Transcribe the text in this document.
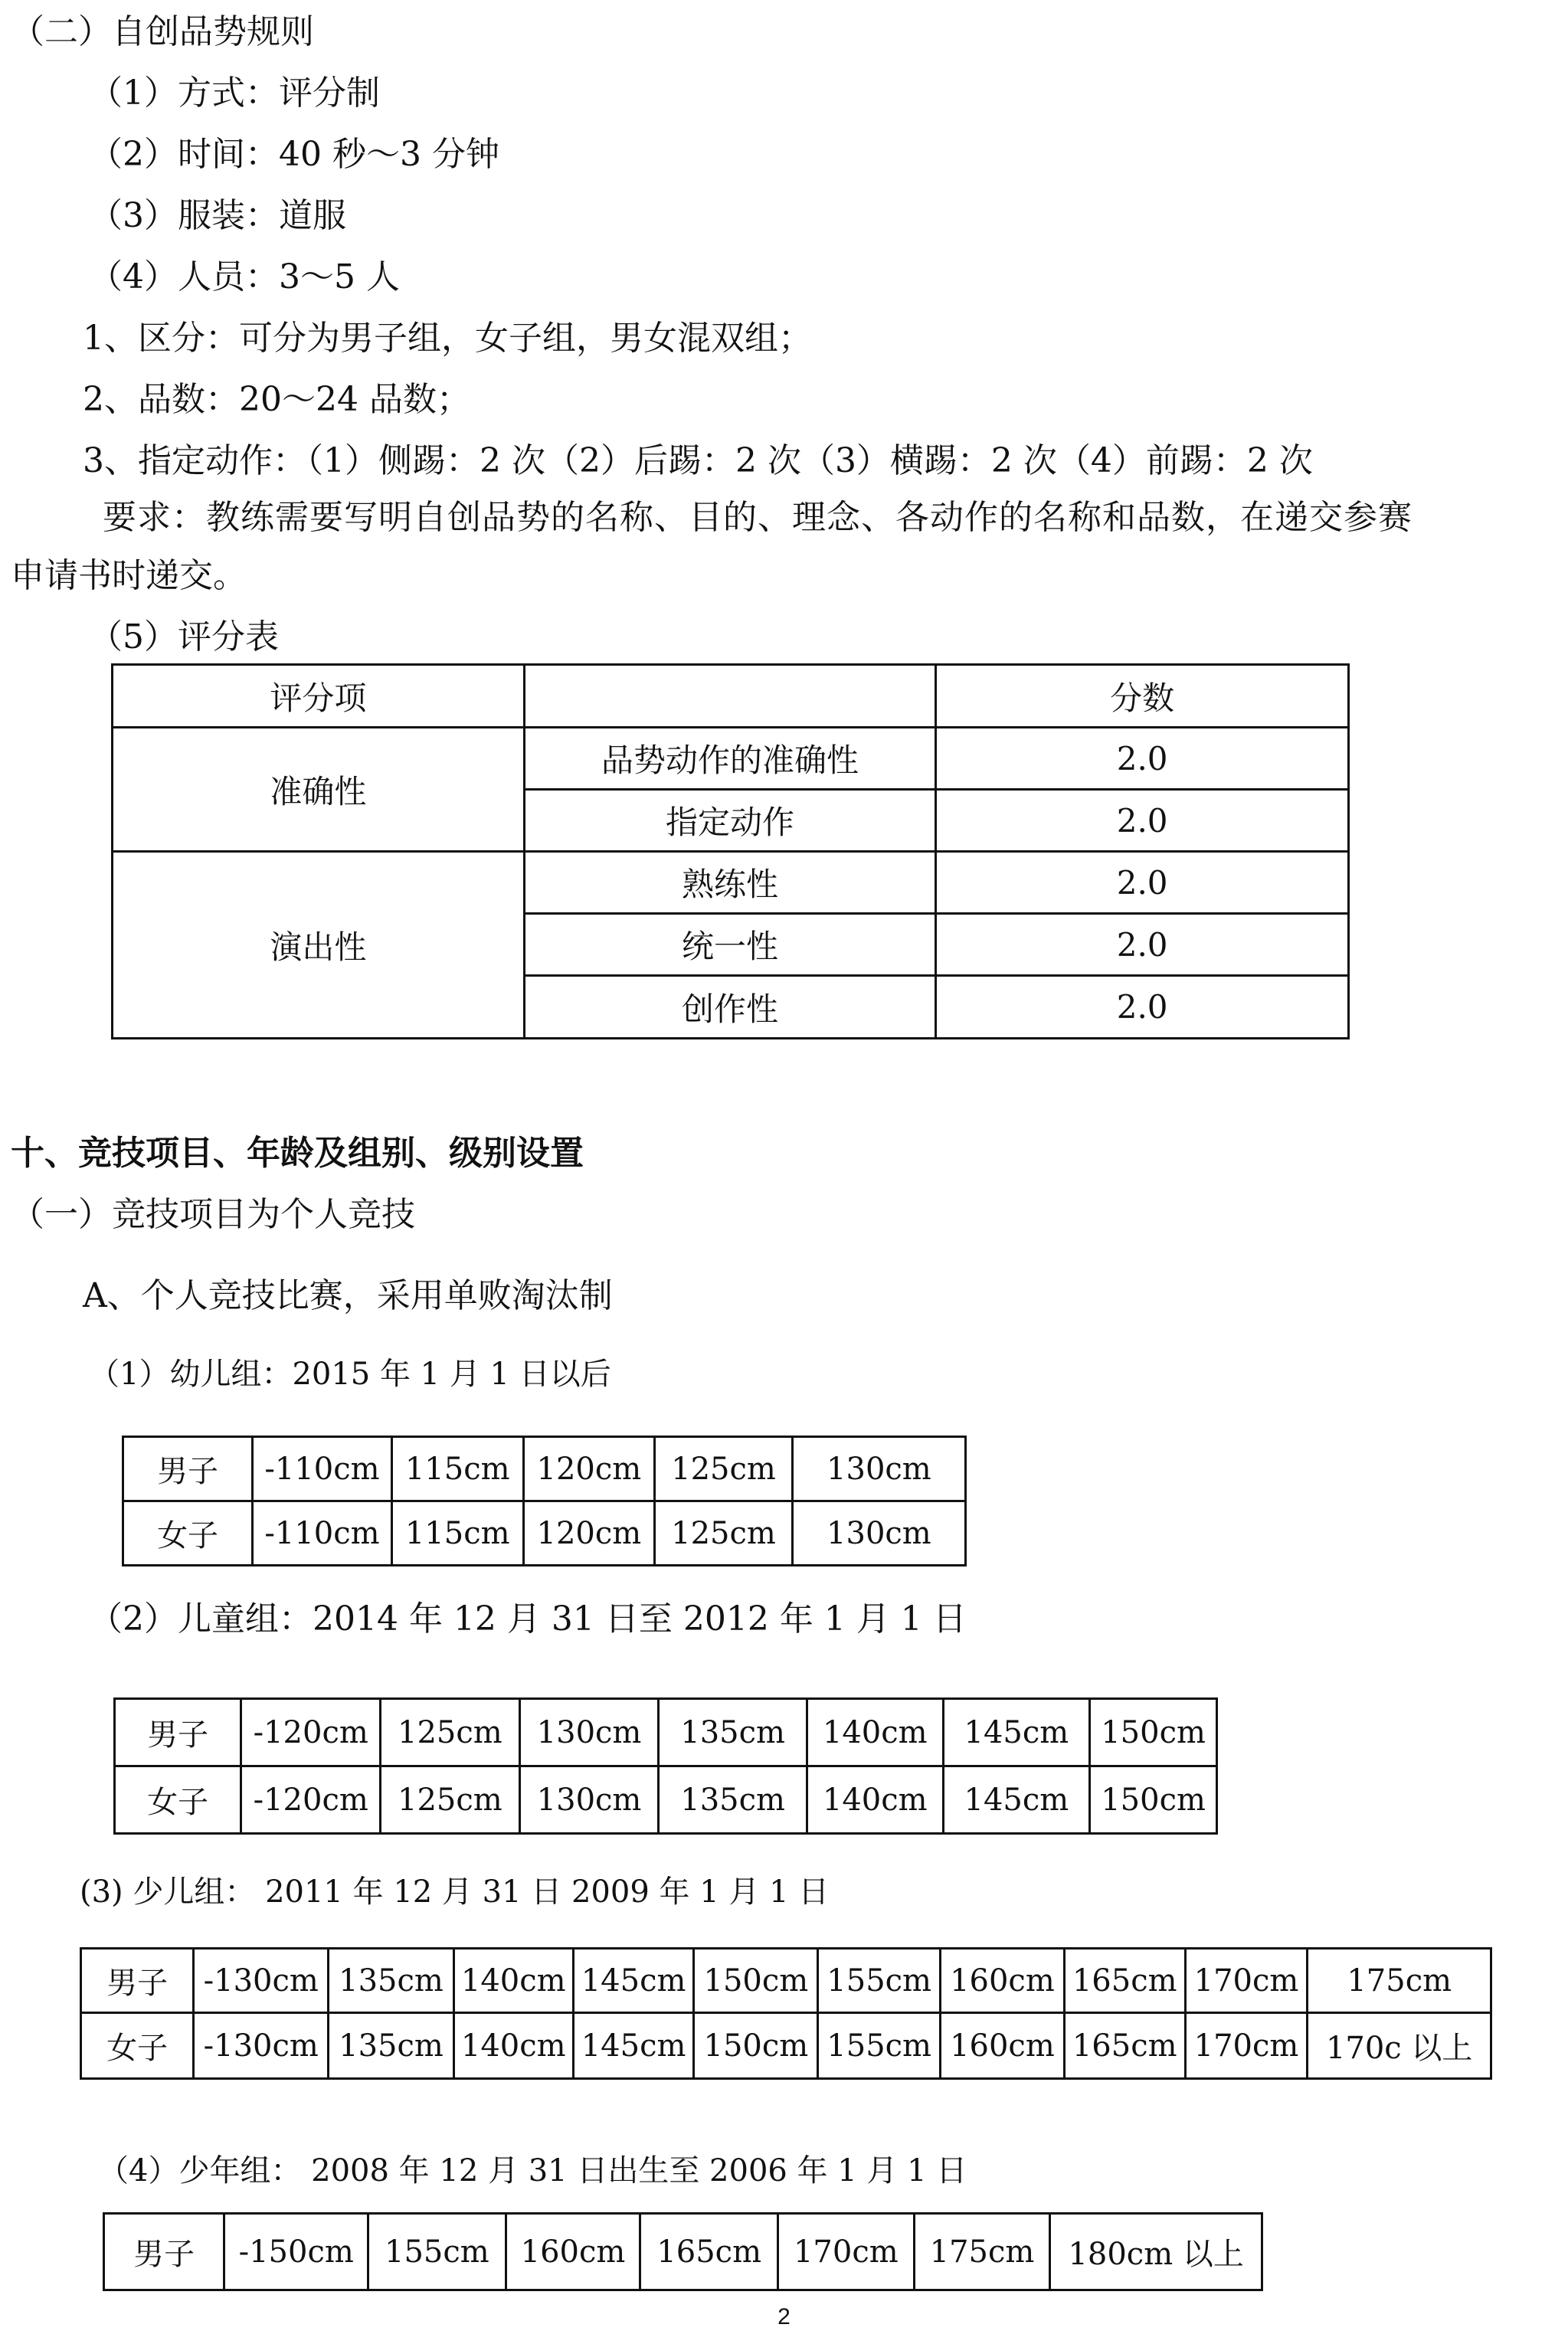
（二）自创品势规则
（1）方式：评分制
（2）时间：40 秒～3 分钟
（3）服装：道服
（4）人员：3～5 人
1、区分：可分为男子组，女子组，男女混双组；
2、品数：20～24 品数；
3、指定动作：（1）侧踢：2 次（2）后踢：2 次（3）横踢：2 次（4）前踢：2 次
要求：教练需要写明自创品势的名称、目的、理念、各动作的名称和品数，在递交参赛
申请书时递交。
（5）评分表
评分项		分数
准确性	品势动作的准确性	2.0
	指定动作	2.0
演出性	熟练性	2.0
	统一性	2.0
	创作性	2.0
十、竞技项目、年龄及组别、级别设置
（一）竞技项目为个人竞技
A、个人竞技比赛，采用单败淘汰制
（1）幼儿组：2015 年 1 月 1 日以后
男子	-110cm	115cm	120cm	125cm	130cm
女子	-110cm	115cm	120cm	125cm	130cm
（2）儿童组：2014 年 12 月 31 日至 2012 年 1 月 1 日
男子	-120cm	125cm	130cm	135cm	140cm	145cm	150cm
女子	-120cm	125cm	130cm	135cm	140cm	145cm	150cm
(3) 少儿组： 2011 年 12 月 31 日 2009 年 1 月 1 日
男子	-130cm	135cm	140cm	145cm	150cm	155cm	160cm	165cm	170cm	175cm
女子	-130cm	135cm	140cm	145cm	150cm	155cm	160cm	165cm	170cm	170c 以上
（4）少年组： 2008 年 12 月 31 日出生至 2006 年 1 月 1 日
男子	-150cm	155cm	160cm	165cm	170cm	175cm	180cm 以上
2
